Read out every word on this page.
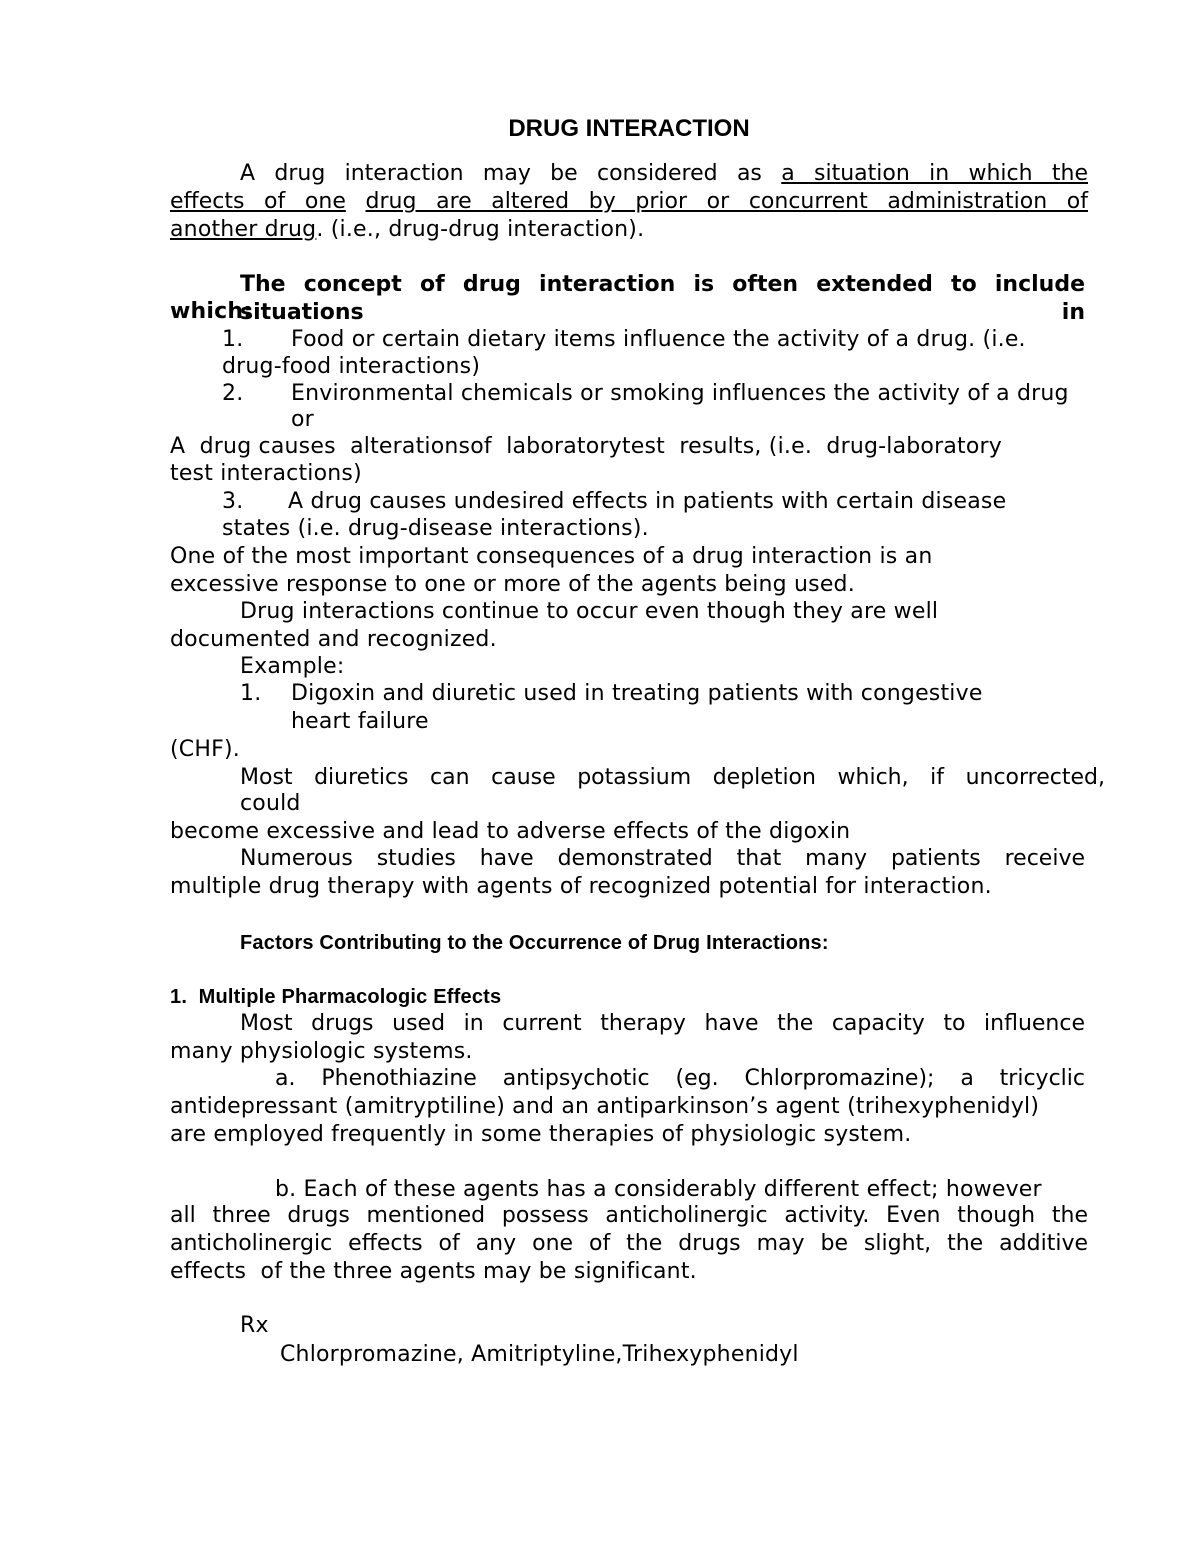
DRUG INTERACTION
A drug interaction may be considered as a situation in which the
effects of one drug are altered by prior or concurrent administration of
another drug. (i.e., drug-drug interaction).
The concept of drug interaction is often extended to include situations in
which:
1. Food or certain dietary items influence the activity of a drug. (i.e.
drug-food interactions)
2. Environmental chemicals or smoking influences the activity of a drug
or
A  drug causes  alterationsof  laboratorytest  results, (i.e.  drug-laboratory
test interactions)
3. A drug causes undesired effects in patients with certain disease
states (i.e. drug-disease interactions).
One of the most important consequences of a drug interaction is an
excessive response to one or more of the agents being used.
Drug interactions continue to occur even though they are well
documented and recognized.
Example:
1. Digoxin and diuretic used in treating patients with congestive
heart failure
(CHF).
Most diuretics can cause potassium depletion which, if uncorrected,
could
become excessive and lead to adverse effects of the digoxin
Numerous studies have demonstrated that many patients receive
multiple drug therapy with agents of recognized potential for interaction.
Factors Contributing to the Occurrence of Drug Interactions:
1.  Multiple Pharmacologic Effects
Most drugs used in current therapy have the capacity to influence
many physiologic systems.
a. Phenothiazine antipsychotic (eg. Chlorpromazine); a tricyclic
antidepressant (amitryptiline) and an antiparkinson’s agent (trihexyphenidyl)
are employed frequently in some therapies of physiologic system.
b. Each of these agents has a considerably different effect; however
all three drugs mentioned possess anticholinergic activity. Even though the
anticholinergic effects of any one of the drugs may be slight, the additive
effects  of the three agents may be significant.
Rx
Chlorpromazine, Amitriptyline,Trihexyphenidyl
